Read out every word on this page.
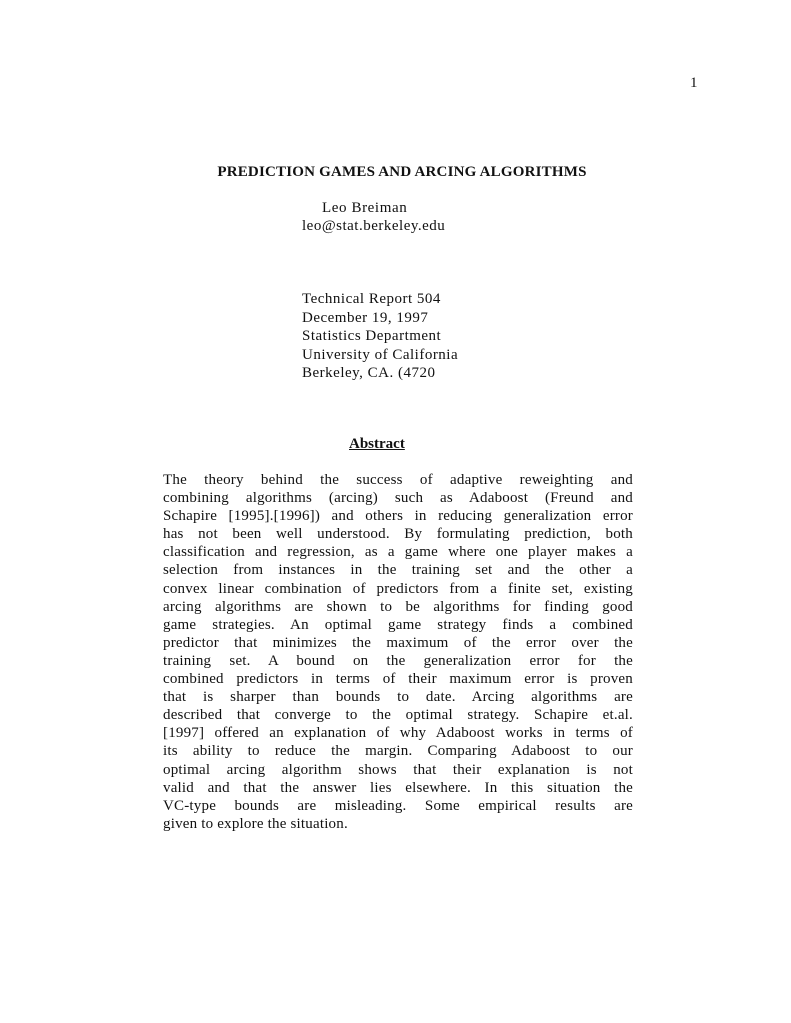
1
PREDICTION GAMES AND ARCING ALGORITHMS
Leo Breiman
leo@stat.berkeley.edu
Technical Report 504
December 19, 1997
Statistics Department
University of California
Berkeley, CA. (4720
Abstract
The theory behind the success of adaptive reweighting and
combining algorithms (arcing) such as Adaboost (Freund and
Schapire [1995].[1996]) and others in reducing generalization error
has not been well understood. By formulating prediction, both
classification and regression, as a game where one player makes a
selection from instances in the training set and the other a
convex linear combination of predictors from a finite set, existing
arcing algorithms are shown to be algorithms for finding good
game strategies. An optimal game strategy finds a combined
predictor that minimizes the maximum of the error over the
training set. A bound on the generalization error for the
combined predictors in terms of their maximum error is proven
that is sharper than bounds to date. Arcing algorithms are
described that converge to the optimal strategy. Schapire et.al.
[1997] offered an explanation of why Adaboost works in terms of
its ability to reduce the margin. Comparing Adaboost to our
optimal arcing algorithm shows that their explanation is not
valid and that the answer lies elsewhere. In this situation the
VC-type bounds are misleading. Some empirical results are
given to explore the situation.
